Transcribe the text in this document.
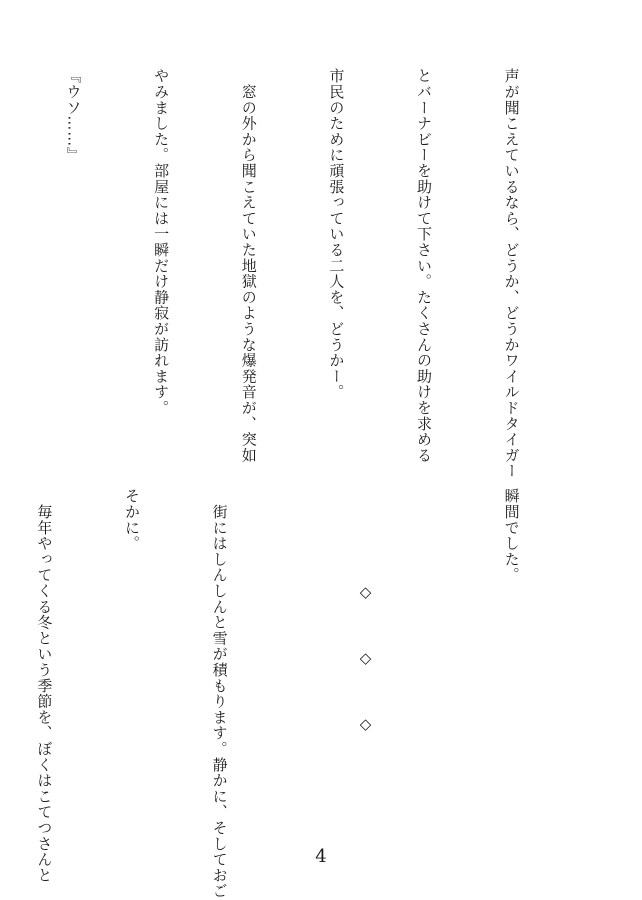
声が聞こえているなら、どうか、どうかワイルドタイガー

とバーナビーを助けて下さい。たくさんの助けを求める

市民のために頑張っている二人を、どうかー。

　窓の外から聞こえていた地獄のような爆発音が、突如

やみました。部屋には一瞬だけ静寂が訪れます。

『ウソ……』

瞬間でした。

　　　　　　◇　　　◇　　　◇

　街にはしんしんと雪が積もります。静かに、そしておご

そかに。

　毎年やってくる冬という季節を、ぼくはこてつさんと

	4
